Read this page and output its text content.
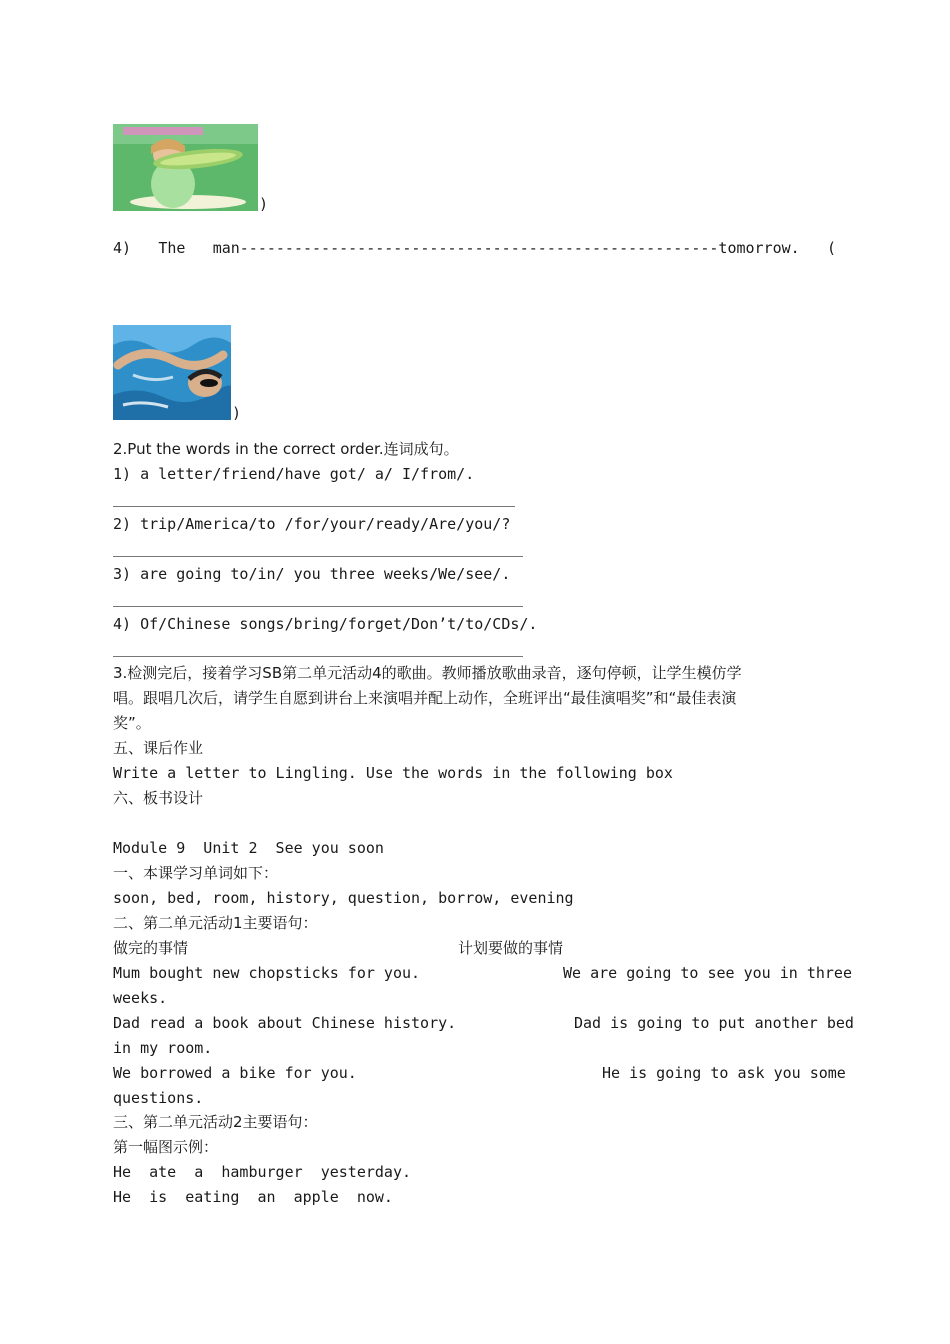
)
4) The man-----------------------------------------------------tomorrow. (
)
2.Put the words in the correct order.连词成句。
1) a letter/friend/have got/ a/ I/from/.
2) trip/America/to /for/your/ready/Are/you/?
3) are going to/in/ you three weeks/We/see/.
4) Of/Chinese songs/bring/forget/Don’t/to/CDs/.
3.检测完后，接着学习SB第二单元活动4的歌曲。教师播放歌曲录音，逐句停顿，让学生模仿学
唱。跟唱几次后，请学生自愿到讲台上来演唱并配上动作，全班评出“最佳演唱奖”和“最佳表演
奖”。
五、课后作业
Write a letter to Lingling. Use the words in the following box
六、板书设计
Module 9  Unit 2  See you soon
一、本课学习单词如下：
soon, bed, room, history, question, borrow, evening
二、第二单元活动1主要语句：
做完的事情	计划要做的事情
Mum bought new chopsticks for you.	We are going to see you in three
weeks.
Dad read a book about Chinese history.	Dad is going to put another bed
in my room.
We borrowed a bike for you.	He is going to ask you some
questions.
三、第二单元活动2主要语句：
第一幅图示例：
He  ate  a  hamburger  yesterday.
He  is  eating  an  apple  now.
